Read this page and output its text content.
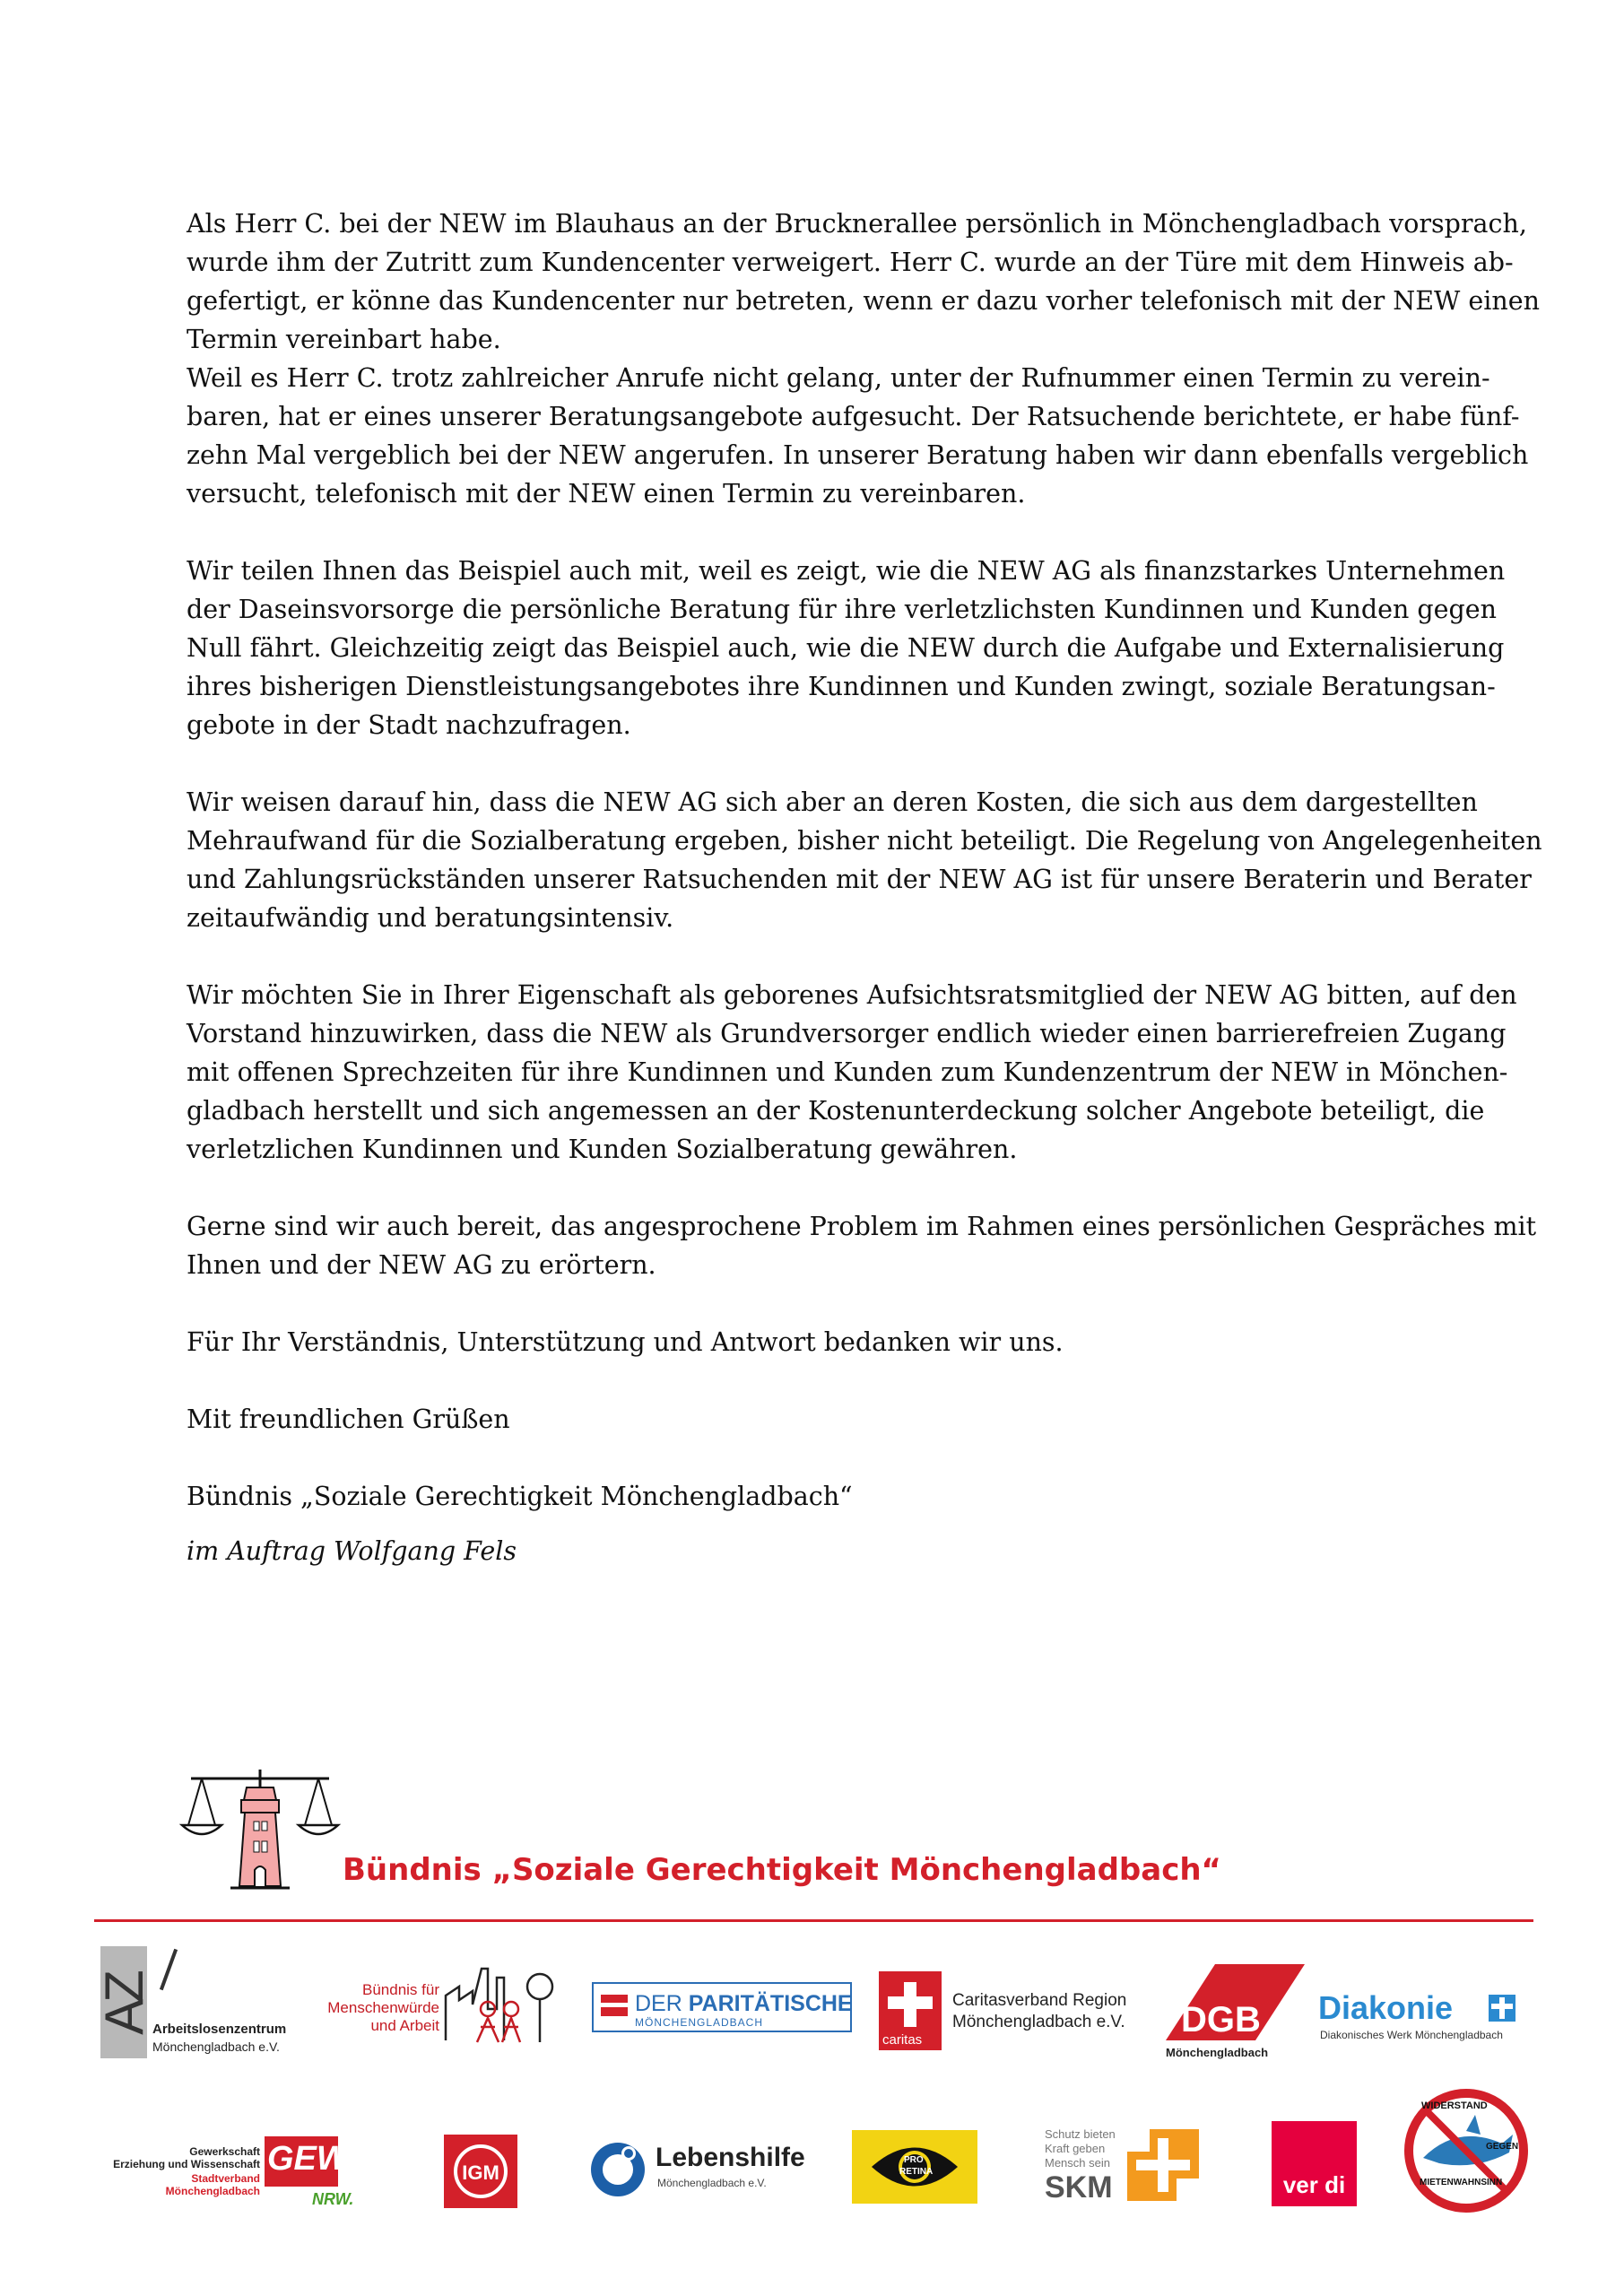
Als Herr C. bei der NEW im Blauhaus an der Brucknerallee persönlich in Mönchengladbach vorsprach,
wurde ihm der Zutritt zum Kundencenter verweigert. Herr C. wurde an der Türe mit dem Hinweis ab-
gefertigt, er könne das Kundencenter nur betreten, wenn er dazu vorher telefonisch mit der NEW einen
Termin vereinbart habe.
Weil es Herr C. trotz zahlreicher Anrufe nicht gelang, unter der Rufnummer einen Termin zu verein-
baren, hat er eines unserer Beratungsangebote aufgesucht. Der Ratsuchende berichtete, er habe fünf-
zehn Mal vergeblich bei der NEW angerufen. In unserer Beratung haben wir dann ebenfalls vergeblich
versucht, telefonisch mit der NEW einen Termin zu vereinbaren.

Wir teilen Ihnen das Beispiel auch mit, weil es zeigt, wie die NEW AG als finanzstarkes Unternehmen
der Daseinsvorsorge die persönliche Beratung für ihre verletzlichsten Kundinnen und Kunden gegen
Null fährt. Gleichzeitig zeigt das Beispiel auch, wie die NEW durch die Aufgabe und Externalisierung
ihres bisherigen Dienstleistungsangebotes ihre Kundinnen und Kunden zwingt, soziale Beratungsan-
gebote in der Stadt nachzufragen.

Wir weisen darauf hin, dass die NEW AG sich aber an deren Kosten, die sich aus dem dargestellten
Mehraufwand für die Sozialberatung ergeben, bisher nicht beteiligt. Die Regelung von Angelegenheiten
und Zahlungsrückständen unserer Ratsuchenden mit der NEW AG ist für unsere Beraterin und Berater
zeitaufwändig und beratungsintensiv.

Wir möchten Sie in Ihrer Eigenschaft als geborenes Aufsichtsratsmitglied der NEW AG bitten, auf den
Vorstand hinzuwirken, dass die NEW als Grundversorger endlich wieder einen barrierefreien Zugang
mit offenen Sprechzeiten für ihre Kundinnen und Kunden zum Kundenzentrum der NEW in Mönchen-
gladbach herstellt und sich angemessen an der Kostenunterdeckung solcher Angebote beteiligt, die
verletzlichen Kundinnen und Kunden Sozialberatung gewähren.

Gerne sind wir auch bereit, das angesprochene Problem im Rahmen eines persönlichen Gespräches mit
Ihnen und der NEW AG zu erörtern.

Für Ihr Verständnis, Unterstützung und Antwort bedanken wir uns.

Mit freundlichen Grüßen

Bündnis „Soziale Gerechtigkeit Mönchengladbach“

im Auftrag Wolfgang Fels

Bündnis „Soziale Gerechtigkeit Mönchengladbach“
AZ
Arbeitslosenzentrum
Mönchengladbach e.V.
Bündnis für
Menschenwürde
und Arbeit
DER PARITÄTISCHE
MÖNCHENGLADBACH
caritas
Caritasverband Region
Mönchengladbach e.V. DGB
Mönchengladbach
Diakonie
Diakonisches Werk Mönchengladbach
Gewerkschaft
Erziehung und Wissenschaft
Stadtverband
Mönchengladbach
GEW
NRW.
IGM
Lebenshilfe
Mönchengladbach e.V.
PRO
RETINA
Schutz bieten
Kraft geben
Mensch sein
SKM	ver di
WIDERSTAND
GEGEN
MIETENWAHNSINN
